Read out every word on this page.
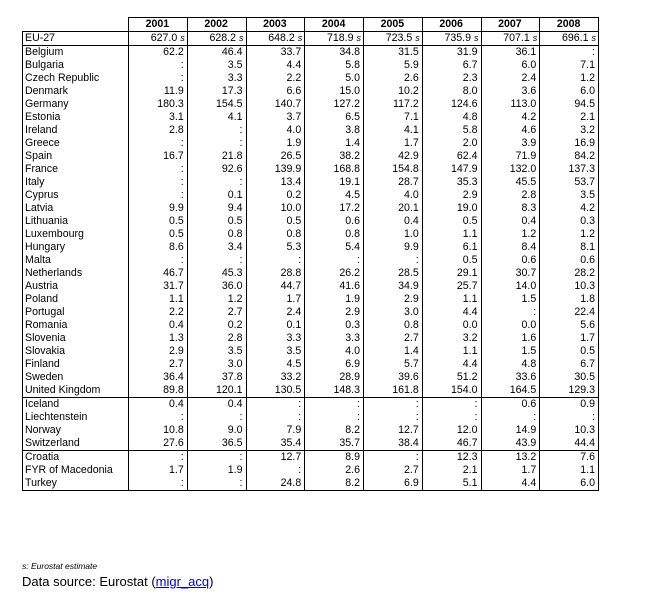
	2001	2002	2003	2004	2005	2006	2007	2008
EU-27	627.0 s	628.2 s	648.2 s	718.9 s	723.5 s	735.9 s	707.1 s	696.1 s
Belgium	62.2	46.4	33.7	34.8	31.5	31.9	36.1	:
Bulgaria	:	3.5	4.4	5.8	5.9	6.7	6.0	7.1
Czech Republic	:	3.3	2.2	5.0	2.6	2.3	2.4	1.2
Denmark	11.9	17.3	6.6	15.0	10.2	8.0	3.6	6.0
Germany	180.3	154.5	140.7	127.2	117.2	124.6	113.0	94.5
Estonia	3.1	4.1	3.7	6.5	7.1	4.8	4.2	2.1
Ireland	2.8	:	4.0	3.8	4.1	5.8	4.6	3.2
Greece	:	:	1.9	1.4	1.7	2.0	3.9	16.9
Spain	16.7	21.8	26.5	38.2	42.9	62.4	71.9	84.2
France	:	92.6	139.9	168.8	154.8	147.9	132.0	137.3
Italy	:	:	13.4	19.1	28.7	35.3	45.5	53.7
Cyprus	:	0.1	0.2	4.5	4.0	2.9	2.8	3.5
Latvia	9.9	9.4	10.0	17.2	20.1	19.0	8.3	4.2
Lithuania	0.5	0.5	0.5	0.6	0.4	0.5	0.4	0.3
Luxembourg	0.5	0.8	0.8	0.8	1.0	1.1	1.2	1.2
Hungary	8.6	3.4	5.3	5.4	9.9	6.1	8.4	8.1
Malta	:	:	:	:	:	0.5	0.6	0.6
Netherlands	46.7	45.3	28.8	26.2	28.5	29.1	30.7	28.2
Austria	31.7	36.0	44.7	41.6	34.9	25.7	14.0	10.3
Poland	1.1	1.2	1.7	1.9	2.9	1.1	1.5	1.8
Portugal	2.2	2.7	2.4	2.9	3.0	4.4	:	22.4
Romania	0.4	0.2	0.1	0.3	0.8	0.0	0.0	5.6
Slovenia	1.3	2.8	3.3	3.3	2.7	3.2	1.6	1.7
Slovakia	2.9	3.5	3.5	4.0	1.4	1.1	1.5	0.5
Finland	2.7	3.0	4.5	6.9	5.7	4.4	4.8	6.7
Sweden	36.4	37.8	33.2	28.9	39.6	51.2	33.6	30.5
United Kingdom	89.8	120.1	130.5	148.3	161.8	154.0	164.5	129.3
Iceland	0.4	0.4	:	:	:	:	0.6	0.9
Liechtenstein	:	:	:	:	:	:	:	:
Norway	10.8	9.0	7.9	8.2	12.7	12.0	14.9	10.3
Switzerland	27.6	36.5	35.4	35.7	38.4	46.7	43.9	44.4
Croatia	:	:	12.7	8.9	:	12.3	13.2	7.6
FYR of Macedonia	1.7	1.9	:	2.6	2.7	2.1	1.7	1.1
Turkey	:	:	24.8	8.2	6.9	5.1	4.4	6.0
s: Eurostat estimate
Data source: Eurostat (migr_acq)
